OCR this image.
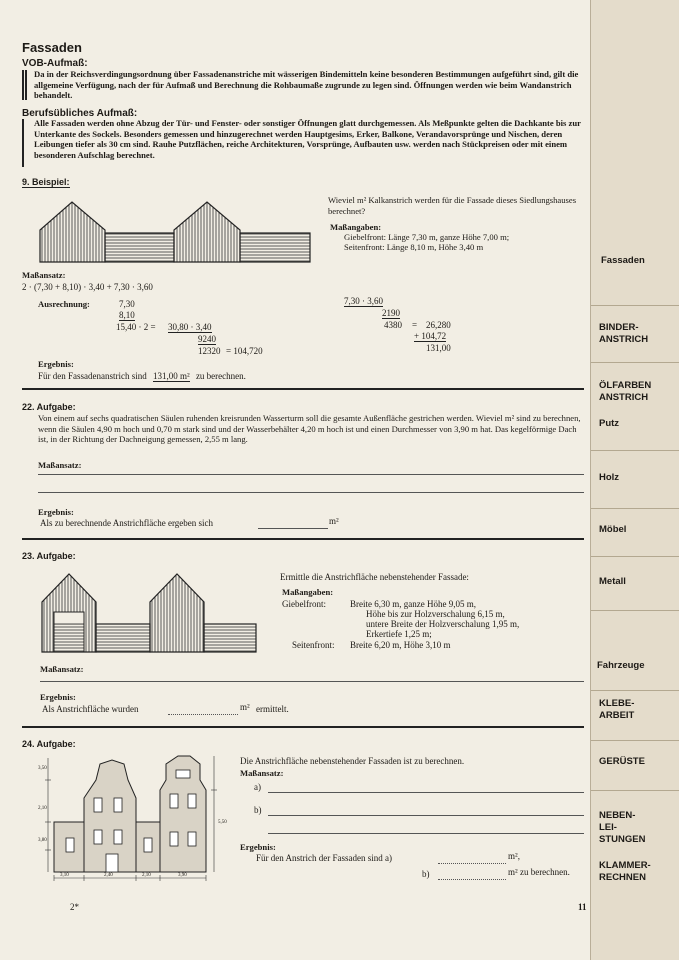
Fassaden
VOB-Aufmaß:
Da in der Reichsverdingungsordnung über Fassadenanstriche mit wässerigen Bindemitteln keine besonderen Bestimmungen aufgeführt sind, gilt die allgemeine Verfügung, nach der für Aufmaß und Berechnung die Rohbaumaße zugrunde zu legen sind. Öffnungen werden wie beim Wandanstrich behandelt.
Berufsübliches Aufmaß:
Alle Fassaden werden ohne Abzug der Tür- und Fenster- oder sonstiger Öffnungen glatt durchgemessen. Als Meßpunkte gelten die Dachkante bis zur Unterkante des Sockels. Besonders gemessen und hinzugerechnet werden Hauptgesims, Erker, Balkone, Verandavorsprünge und Nischen, deren Leibungen tiefer als 30 cm sind. Rauhe Putzflächen, reiche Architekturen, Vorsprünge, Aufbauten usw. werden nach Stückpreisen oder mit einem besonderen Aufschlag berechnet.
9. Beispiel:
Wieviel m² Kalkanstrich werden für die Fassade dieses Siedlungshauses berechnet?
Maßangaben:
Giebelfront: Länge 7,30 m, ganze Höhe 7,00 m;
Seitenfront: Länge 8,10 m, Höhe 3,40 m
Maßansatz:
2 · (7,30 + 8,10) · 3,40 + 7,30 · 3,60
Ausrechnung:	7,30
8,10
15,40 · 2 = 30,80 · 3,40
9240
12320 = 104,720
7,30 · 3,60
2190
4380 = 26,280
+ 104,72
131,00
Ergebnis:
Für den Fassadenanstrich sind 131,00 m² zu berechnen.
22. Aufgabe:
Von einem auf sechs quadratischen Säulen ruhenden kreisrunden Wasserturm soll die gesamte Außenfläche gestrichen werden. Wieviel m² sind zu berechnen, wenn die Säulen 4,90 m hoch und 0,70 m stark sind und der Wasserbehälter 4,20 m hoch ist und einen Durchmesser von 3,90 m hat. Das kegelförmige Dach ist, in der Richtung der Dachneigung gemessen, 2,55 m lang.
Maßansatz:
Ergebnis:
Als zu berechnende Anstrichfläche ergeben sich	m²
23. Aufgabe:
Ermittle die Anstrichfläche nebenstehender Fassade:
Maßangaben:
Giebelfront:	Breite 6,30 m, ganze Höhe 9,05 m,
Höhe bis zur Holzverschalung 6,15 m,
untere Breite der Holzverschalung 1,95 m,
Erkertiefe 1,25 m;
Seitenfront: Breite 6,20 m, Höhe 3,10 m
Maßansatz:
Ergebnis:
Als Anstrichfläche wurden	m² ermittelt.
24. Aufgabe:
3,10	2,40	2,10	3,90
3,50
2,10
3,80
5,50
Die Anstrichfläche nebenstehender Fassaden ist zu berechnen.
Maßansatz:
a)
b)
Ergebnis:
Für den Anstrich der Fassaden sind a)	m²,
b)	m² zu berechnen.
2*	11
Fassaden
BINDER-
ANSTRICH
ÖLFARBEN
ANSTRICH
Putz
Holz
Möbel
Metall
Fahrzeuge
KLEBE-
ARBEIT
GERÜSTE
NEBEN-
LEI-
STUNGEN
KLAMMER-
RECHNEN
